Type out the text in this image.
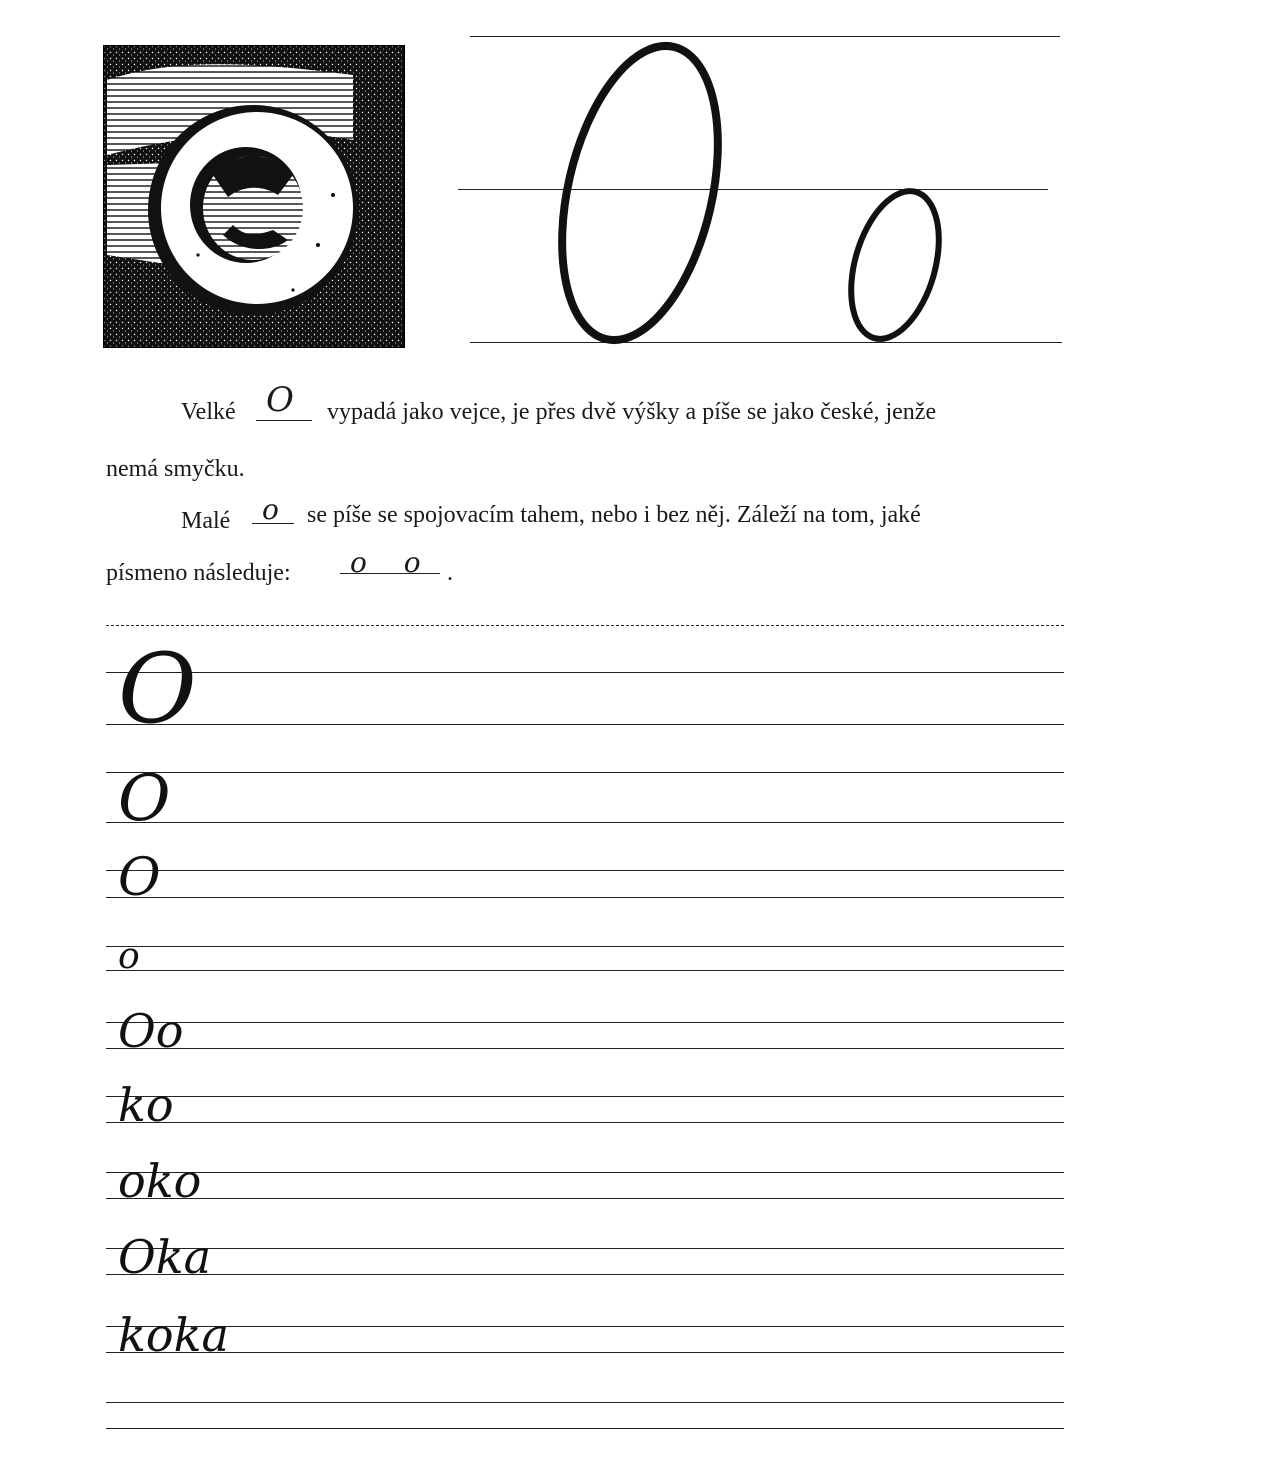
Velké O vypadá jako vejce, je přes dvě výšky a píše se jako české, jenže
nemá smyčku.
Malé o se píše se spojovacím tahem, nebo i bez něj. Záleží na tom, jaké
písmeno následuje: o o .
O
O
O
o
Oo
ko
oko
Oka
koka
